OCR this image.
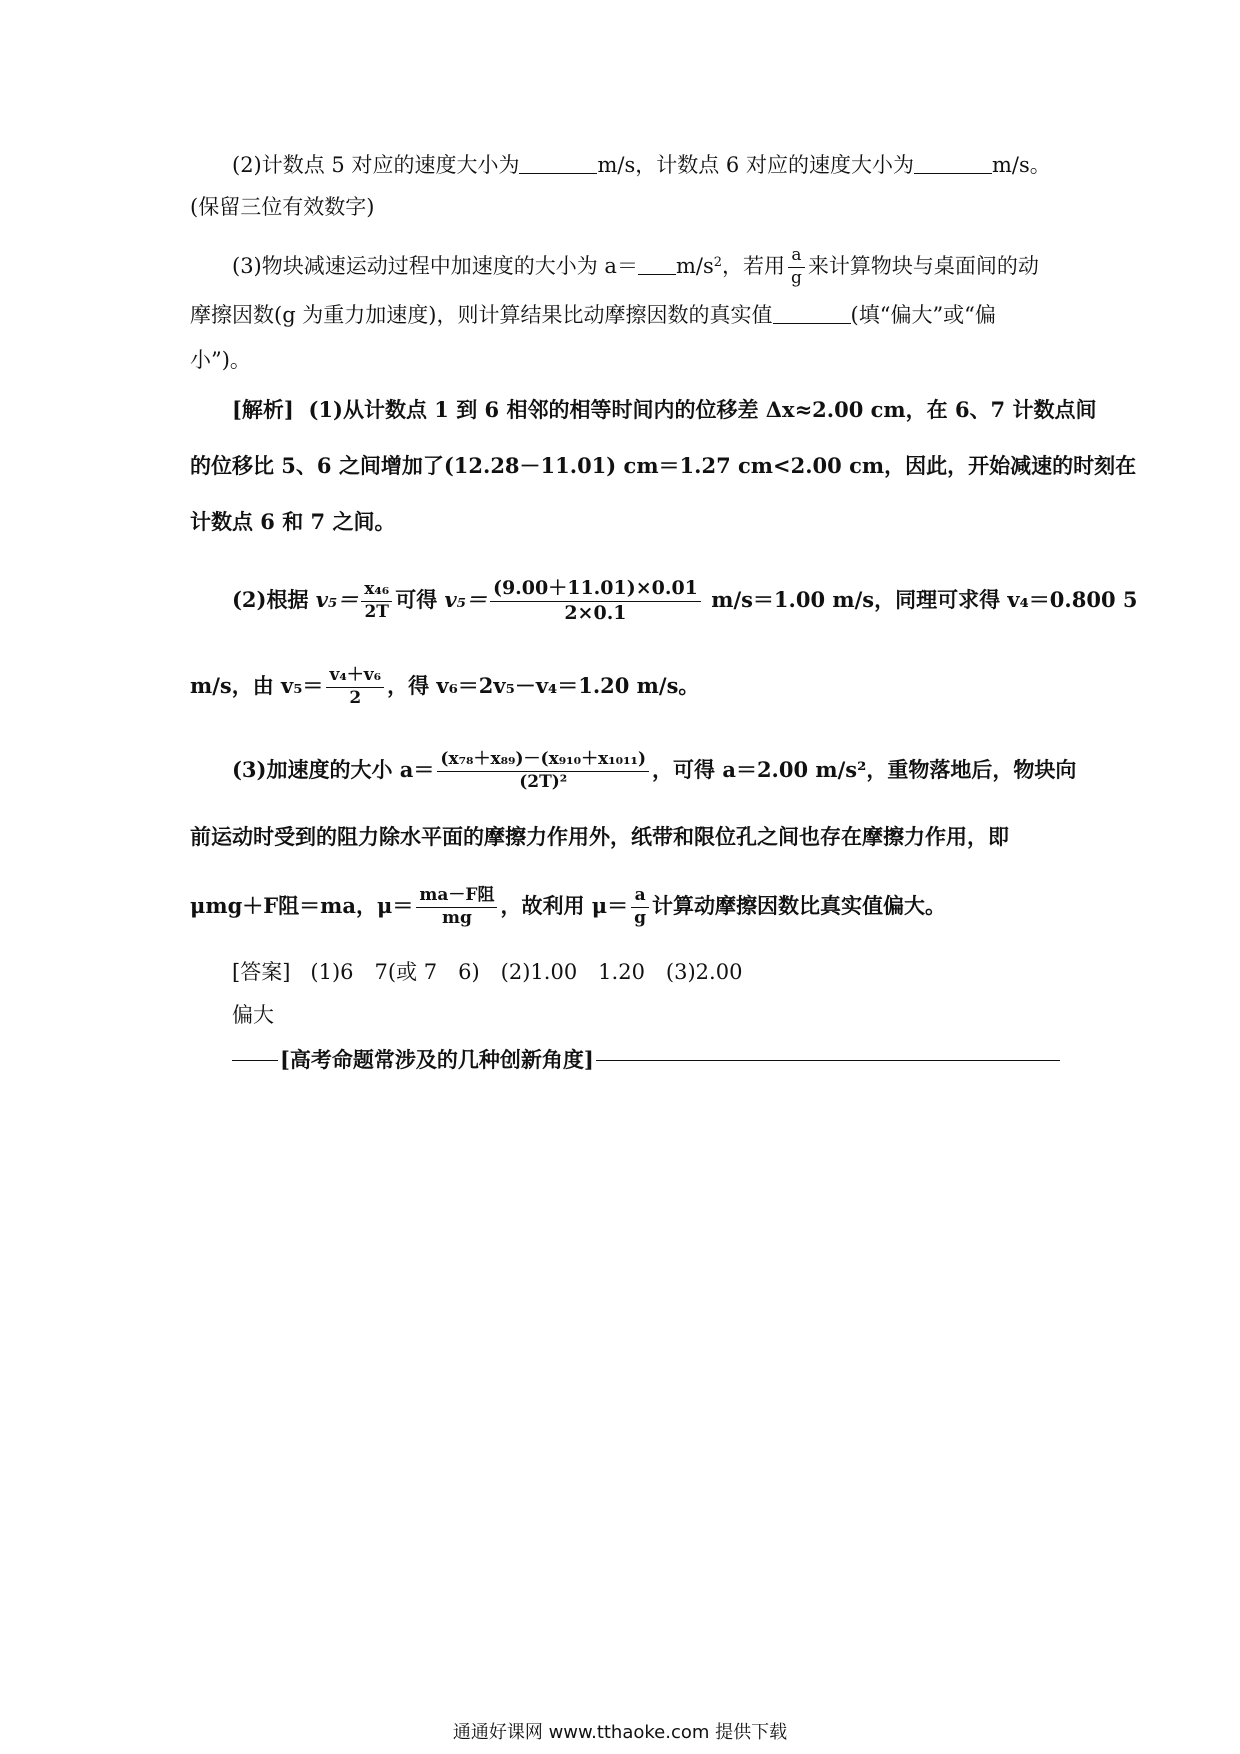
(2)计数点 5 对应的速度大小为	m/s，计数点 6 对应的速度大小为	m/s。
(保留三位有效数字)
(3)物块减速运动过程中加速度的大小为 $a= m/s^2$，若用 $\frac{a}{g}$ 来计算物块与桌面间的动
摩擦因数(g 为重力加速度)，则计算结果比动摩擦因数的真实值	(填“偏大”或“偏
小”)。
[解析] (1)从计数点 1 到 6 相邻的相等时间内的位移差 Δx≈2.00 cm，在 6、7 计数点间
的位移比 5、6 之间增加了(12.28－11.01) cm＝1.27 cm<2.00 cm，因此，开始减速的时刻在
计数点 6 和 7 之间。
(2)根据 $v_5= \frac{\text{x₄₆}}{2T}$ 可得 $v_5= \frac{(9.00+11.01)\times 0.01}{2\times 0.1} m/s=1.00$ m/s，同理可求得 v₄＝0.800 5
m/s，由 $v_5= \frac{\text{v₄＋v₆}}{2}$ ，得 v₆＝2v₅－v₄＝1.20 m/s。
(3)加速度的大小 $a= \frac{\text{(x₇₈＋x₈₉)－(x₉₁₀＋x₁₀₁₁)}}{\text{(2T)²}}$ ，可得 a＝2.00 m/s²，重物落地后，物块向
前运动时受到的阻力除水平面的摩擦力作用外，纸带和限位孔之间也存在摩擦力作用，即
μmg＋F阻＝ma，$\mu= \frac{\text{ma－F阻}}{mg}$ ，故利用 $\mu= \frac{a}{g}$ 计算动摩擦因数比真实值偏大。
[答案] (1)6　7(或 7　6)　(2)1.00　1.20　(3)2.00
偏大
[高考命题常涉及的几种创新角度]
通通好课网 www.tthaoke.com 提供下载
